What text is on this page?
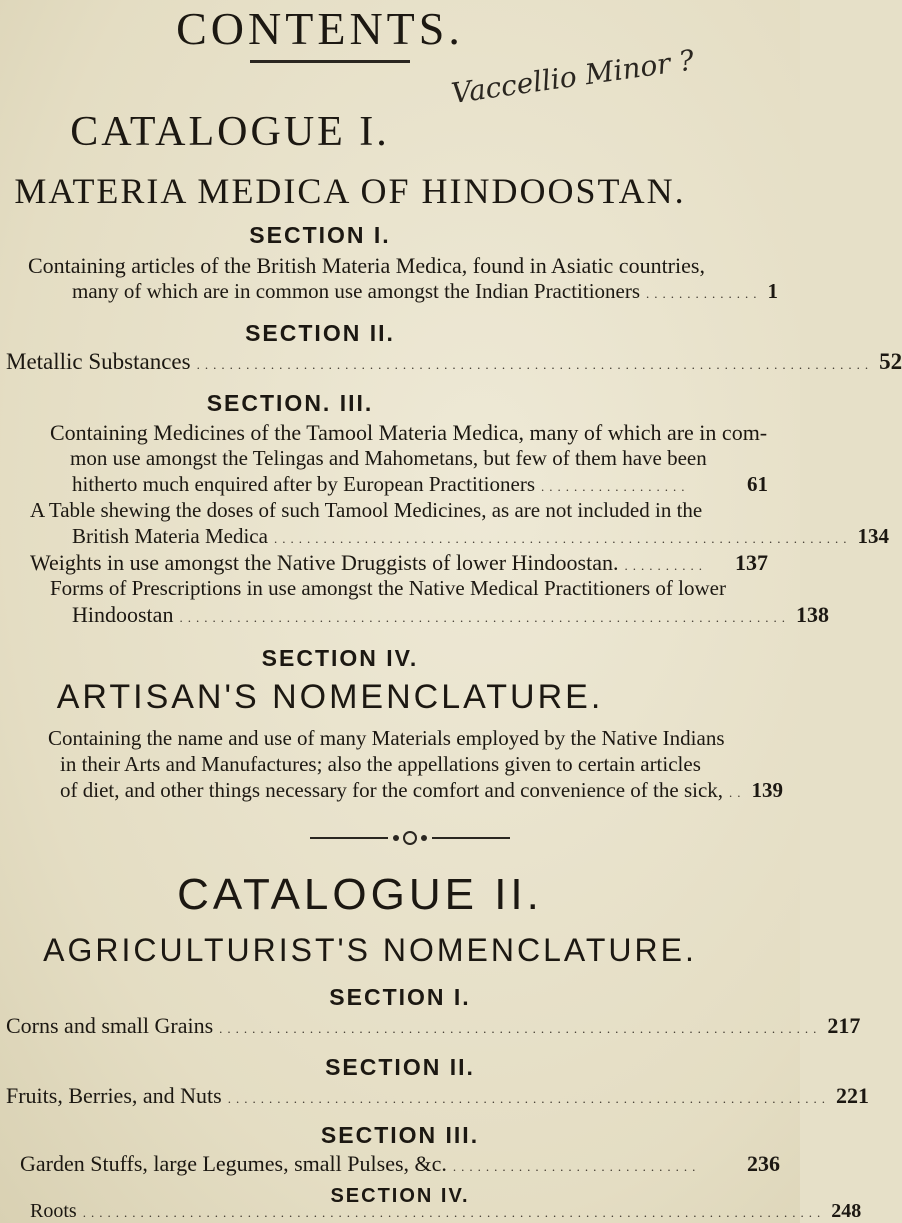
CONTENTS.
Vaccellio Minor ?
CATALOGUE I.
MATERIA MEDICA OF HINDOOSTAN.
SECTION I.
Containing articles of the British Materia Medica, found in Asiatic countries,
many of which are in common use amongst the Indian Practitioners .............. 1
SECTION II.
Metallic Substances .................................................................................. 52
SECTION. III.
Containing Medicines of the Tamool Materia Medica, many of which are in com-
mon use amongst the Telingas and Mahometans, but few of them have been
hitherto much enquired after by European Practitioners ..................	61
A Table shewing the doses of such Tamool Medicines, as are not included in the
British Materia Medica ...................................................................... 134
Weights in use amongst the Native Druggists of lower Hindoostan. ..........	137
Forms of Prescriptions in use amongst the Native Medical Practitioners of lower
Hindoostan .......................................................................... 138
SECTION IV.
ARTISAN'S NOMENCLATURE.
Containing the name and use of many Materials employed by the Native Indians
in their Arts and Manufactures; also the appellations given to certain articles
of diet, and other things necessary for the comfort and convenience of the sick, .. 139
CATALOGUE II.
AGRICULTURIST'S NOMENCLATURE.
SECTION I.
Corns and small Grains ......................................................................... 217
SECTION II.
Fruits, Berries, and Nuts ......................................................................... 221
SECTION III.
Garden Stuffs, large Legumes, small Pulses, &c. ..............................	236
SECTION IV.
Roots .......................................................................................... 248
